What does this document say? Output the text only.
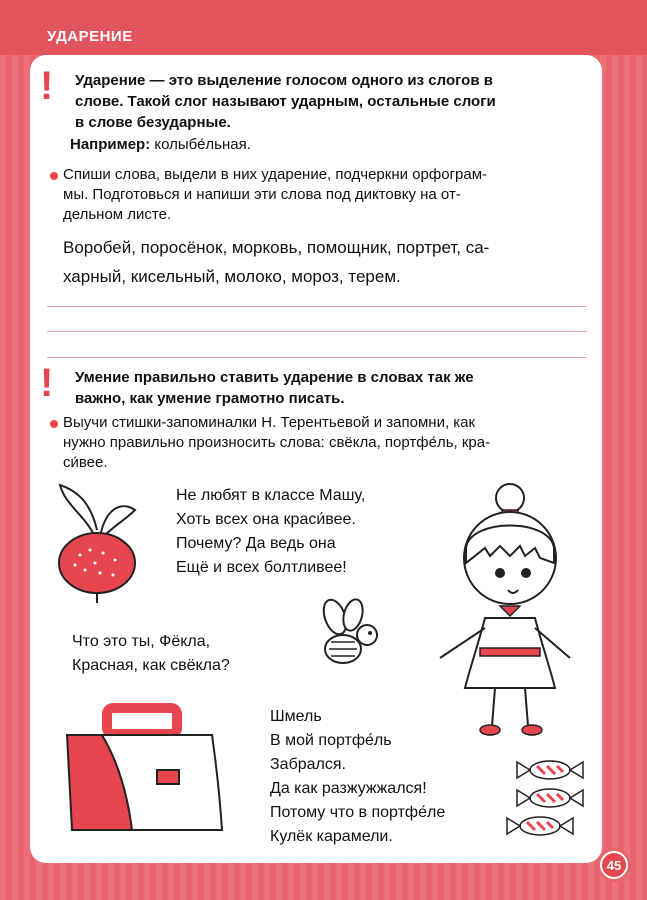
УДАРЕНИЕ
! Ударение — это выделение голосом одного из слогов в
слове. Такой слог называют ударным, остальные слоги
в слове безударные.
Например: колыбе́льная.
Спиши слова, выдели в них ударение, подчеркни орфограм-
мы. Подготовься и напиши эти слова под диктовку на от-
дельном листе.
Воробей, поросёнок, морковь, помощник, портрет, са-
харный, кисельный, молоко, мороз, терем.
! Умение правильно ставить ударение в словах так же
важно, как умение грамотно писать.
Выучи стишки-запоминалки Н. Терентьевой и запомни, как
нужно правильно произносить слова: свёкла, портфе́ль, кра-
си́вее.
Не любят в классе Машу,
Хоть всех она краси́вее.
Почему? Да ведь она
Ещё и всех болтливее!
Что это ты, Фёкла,
Красная, как свёкла?
Шмель
В мой портфе́ль
Забрался.
Да как разжужжался!
Потому что в портфе́ле
Кулёк карамели.
45
